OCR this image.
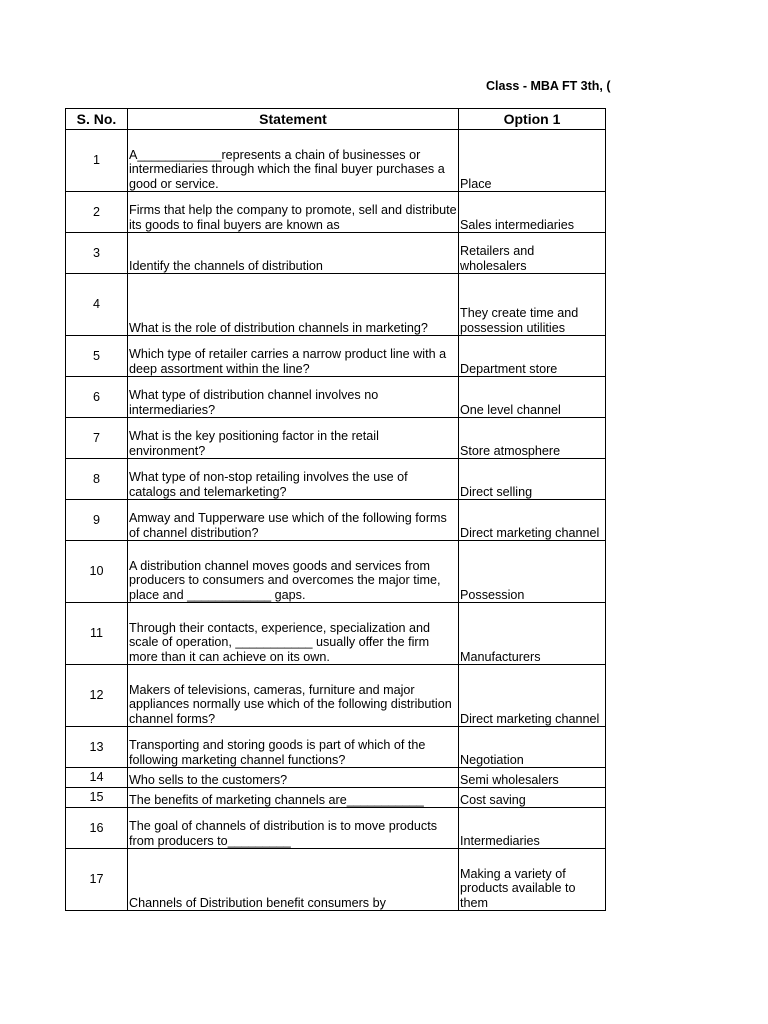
Class - MBA FT 3th, (
S. No.	Statement	Option 1
1	A____________represents a chain of businesses or intermediaries through which the final buyer purchases a good or service.	Place
2	Firms that help the company to promote, sell and distribute its goods to final buyers are known as	Sales intermediaries
3	Identify the channels of distribution	Retailers and wholesalers
4	What is the role of distribution channels in marketing?	They create time and possession utilities
5	Which type of retailer carries a narrow product line with a deep assortment within the line?	Department store
6	What type of distribution channel involves no intermediaries?	One level channel
7	What is the key positioning factor in the retail environment?	Store atmosphere
8	What type of non-stop retailing involves the use of catalogs and telemarketing?	Direct selling
9	Amway and Tupperware use which of the following forms of channel distribution?	Direct marketing channel
10	A distribution channel moves goods and services from producers to consumers and overcomes the major time, place and ____________ gaps.	Possession
11	Through their contacts, experience, specialization and scale of operation, ___________ usually offer the firm more than it can achieve on its own.	Manufacturers
12	Makers of televisions, cameras, furniture and major appliances normally use which of the following distribution channel forms?	Direct marketing channel
13	Transporting and storing goods is part of which of the following marketing channel functions?	Negotiation
14	Who sells to the customers?	Semi wholesalers
15	The benefits of marketing channels are___________	Cost saving
16	The goal of channels of distribution is to move products from producers to_________	Intermediaries
17	Channels of Distribution benefit consumers by	Making a variety of products available to them
